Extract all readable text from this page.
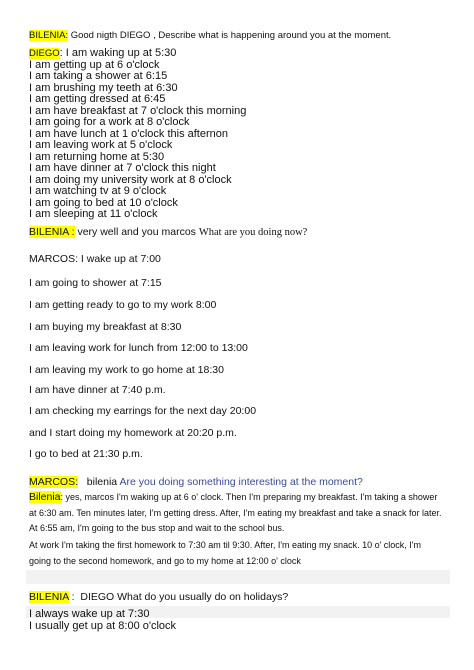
BILENIA: Good nigth DIEGO , Describe what is happening around you at the moment.
DIEGO: I am waking up at 5:30
I am getting up at 6 o'clock
I am taking a shower at 6:15
I am brushing my teeth at 6:30
I am getting dressed at 6:45
I am have breakfast at 7 o'clock this morning
I am going for a work at 8 o'clock
I am have lunch at 1 o'clock this afternon
I am leaving work at 5 o'clock
I am returning home at 5:30
I am have dinner at 7 o'clock this night
I am doing my university work at 8 o'clock
I am watching tv at 9 o'clock
I am going to bed at 10 o'clock
I am sleeping at 11 o'clock
BILENIA : very well and you marcos What are you doing now?
MARCOS: I wake up at 7:00
I am going to shower at 7:15
I am getting ready to go to my work 8:00
I am buying my breakfast at 8:30
I am leaving work for lunch from 12:00 to 13:00
I am leaving my work to go home at 18:30
I am have dinner at 7:40 p.m.
I am checking my earrings for the next day 20:00
and I start doing my homework at 20:20 p.m.
I go to bed at 21:30 p.m.
MARCOS:   bilenia Are you doing something interesting at the moment?
Bilenia: yes, marcos I'm waking up at 6 o' clock. Then I'm preparing my breakfast. I'm taking a shower at 6:30 am. Ten minutes later, I'm getting dress. After, I'm eating my breakfast and take a snack for later. At 6:55 am, I'm going to the bus stop and wait to the school bus.
At work I'm taking the first homework to 7:30 am til 9:30. After, I'm eating my snack. 10 o' clock, I'm going to the second homework, and go to my home at 12:00 o' clock
BILENIA :  DIEGO What do you usually do on holidays?
I always wake up at 7:30
I usually get up at 8:00 o'clock
